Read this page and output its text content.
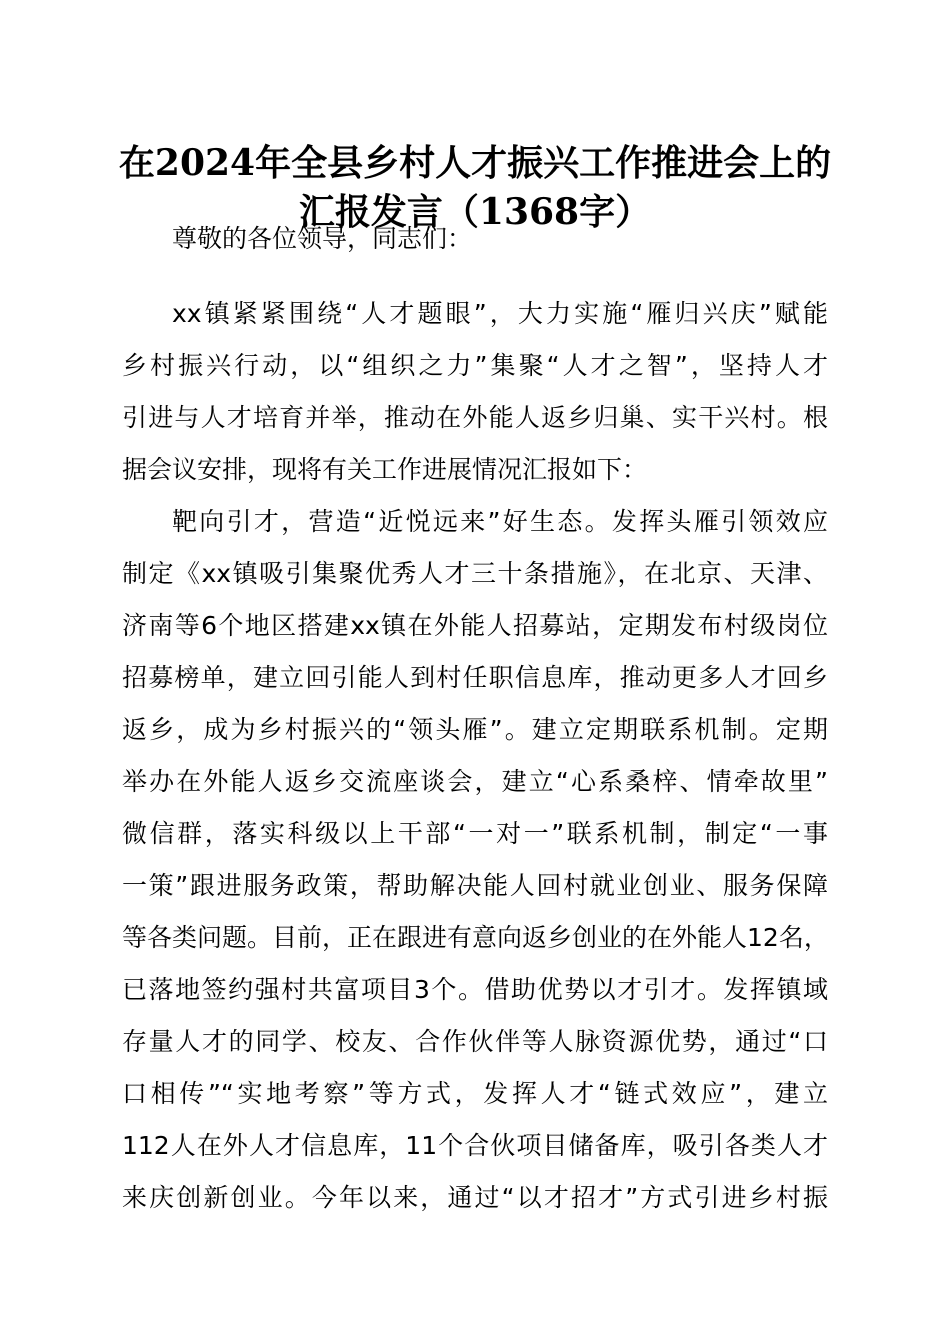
在2024年全县乡村人才振兴工作推进会上的
汇报发言（1368字）
尊敬的各位领导，同志们：
xx镇紧紧围绕“人才题眼”，大力实施“雁归兴庆”赋能
乡村振兴行动，以“组织之力”集聚“人才之智”，坚持人才
引进与人才培育并举，推动在外能人返乡归巢、实干兴村。根
据会议安排，现将有关工作进展情况汇报如下：
靶向引才，营造“近悦远来”好生态。发挥头雁引领效应
制定《xx镇吸引集聚优秀人才三十条措施》，在北京、天津、
济南等6个地区搭建xx镇在外能人招募站，定期发布村级岗位
招募榜单，建立回引能人到村任职信息库，推动更多人才回乡
返乡，成为乡村振兴的“领头雁”。建立定期联系机制。定期
举办在外能人返乡交流座谈会，建立“心系桑梓、情牵故里”
微信群，落实科级以上干部“一对一”联系机制，制定“一事
一策”跟进服务政策，帮助解决能人回村就业创业、服务保障
等各类问题。目前，正在跟进有意向返乡创业的在外能人12名，
已落地签约强村共富项目3个。借助优势以才引才。发挥镇域
存量人才的同学、校友、合作伙伴等人脉资源优势，通过“口
口相传”“实地考察”等方式，发挥人才“链式效应”，建立
112人在外人才信息库，11个合伙项目储备库，吸引各类人才
来庆创新创业。今年以来，通过“以才招才”方式引进乡村振
